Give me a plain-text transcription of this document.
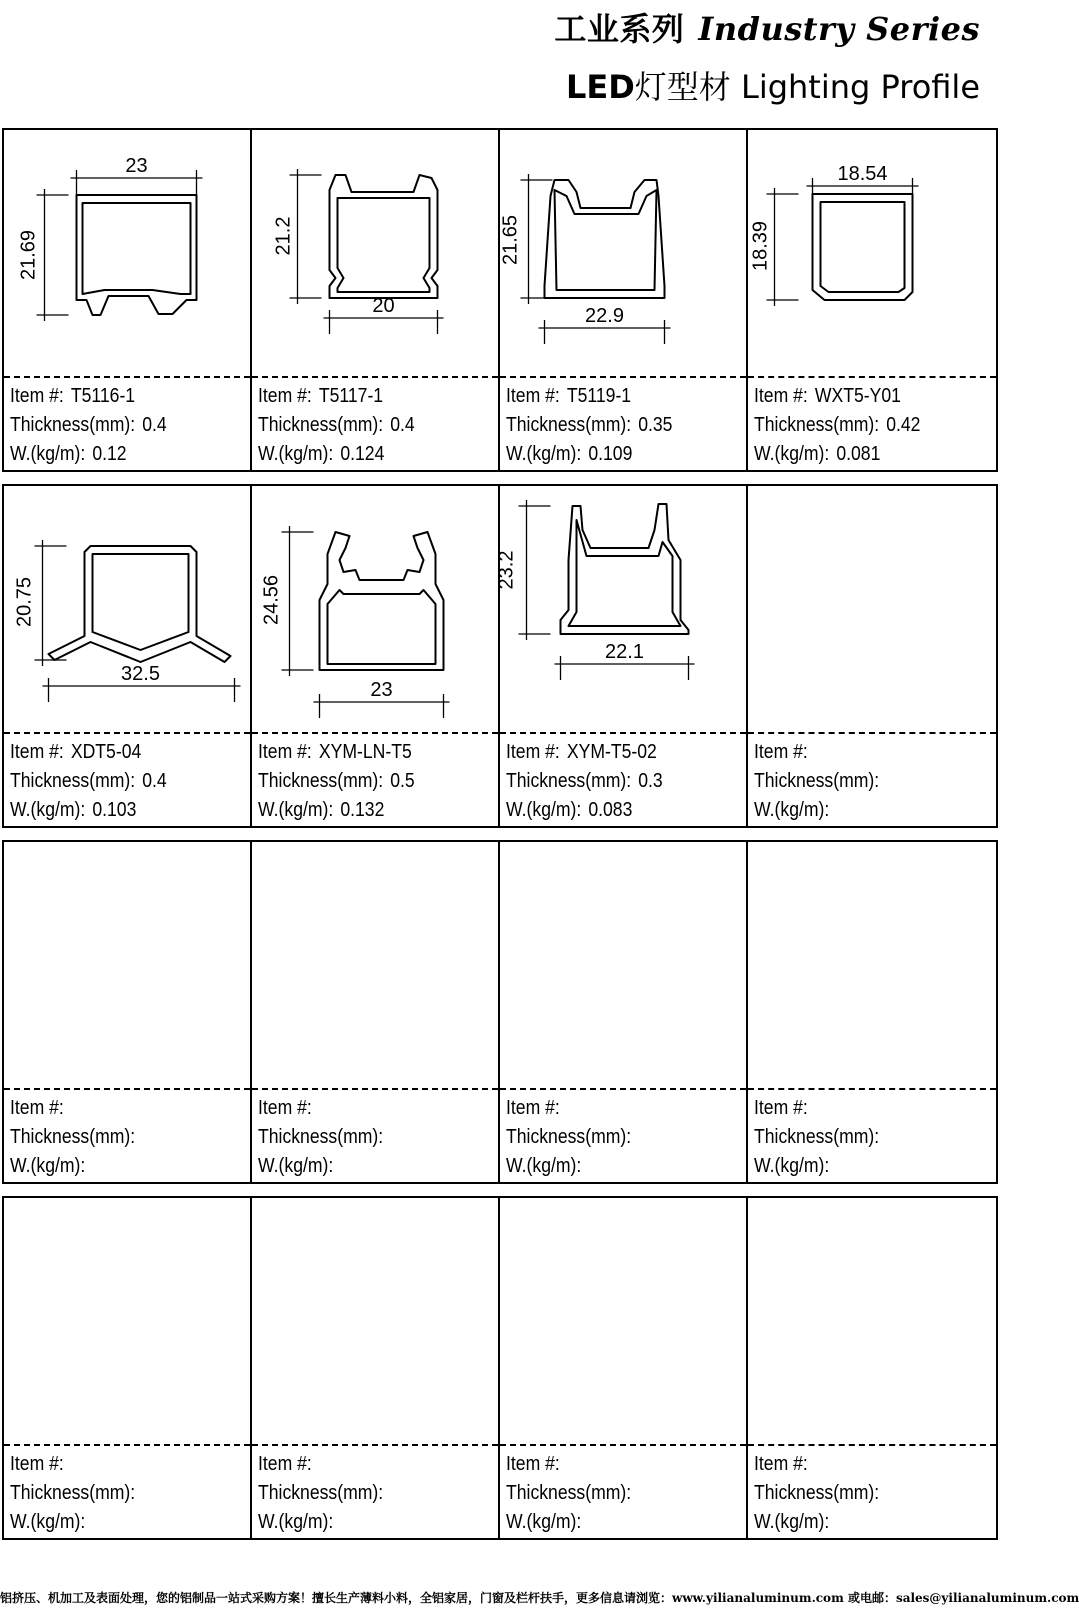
工业系列 Industry Series
LED灯型材 Lighting Profile
23
21.69
Item #: T5116-1
Thickness(mm): 0.4
W.(kg/m): 0.12
21.2
20
Item #: T5117-1
Thickness(mm): 0.4
W.(kg/m): 0.124
21.65
22.9
Item #: T5119-1
Thickness(mm): 0.35
W.(kg/m): 0.109
18.54
18.39
Item #: WXT5-Y01
Thickness(mm): 0.42
W.(kg/m): 0.081
20.75
32.5
Item #: XDT5-04
Thickness(mm): 0.4
W.(kg/m): 0.103
24.56
23
Item #: XYM-LN-T5
Thickness(mm): 0.5
W.(kg/m): 0.132
23.2
22.1
Item #: XYM-T5-02
Thickness(mm): 0.3
W.(kg/m): 0.083
Item #:
Thickness(mm):
W.(kg/m):
Item #:
Thickness(mm):
W.(kg/m):
Item #:
Thickness(mm):
W.(kg/m):
Item #:
Thickness(mm):
W.(kg/m):
Item #:
Thickness(mm):
W.(kg/m):
Item #:
Thickness(mm):
W.(kg/m):
Item #:
Thickness(mm):
W.(kg/m):
Item #:
Thickness(mm):
W.(kg/m):
Item #:
Thickness(mm):
W.(kg/m):
铝挤压、机加工及表面处理，您的铝制品一站式采购方案！擅长生产薄料小料，全铝家居，门窗及栏杆扶手，更多信息请浏览：www.yilianaluminum.com 或电邮：sales@yilianaluminum.com
